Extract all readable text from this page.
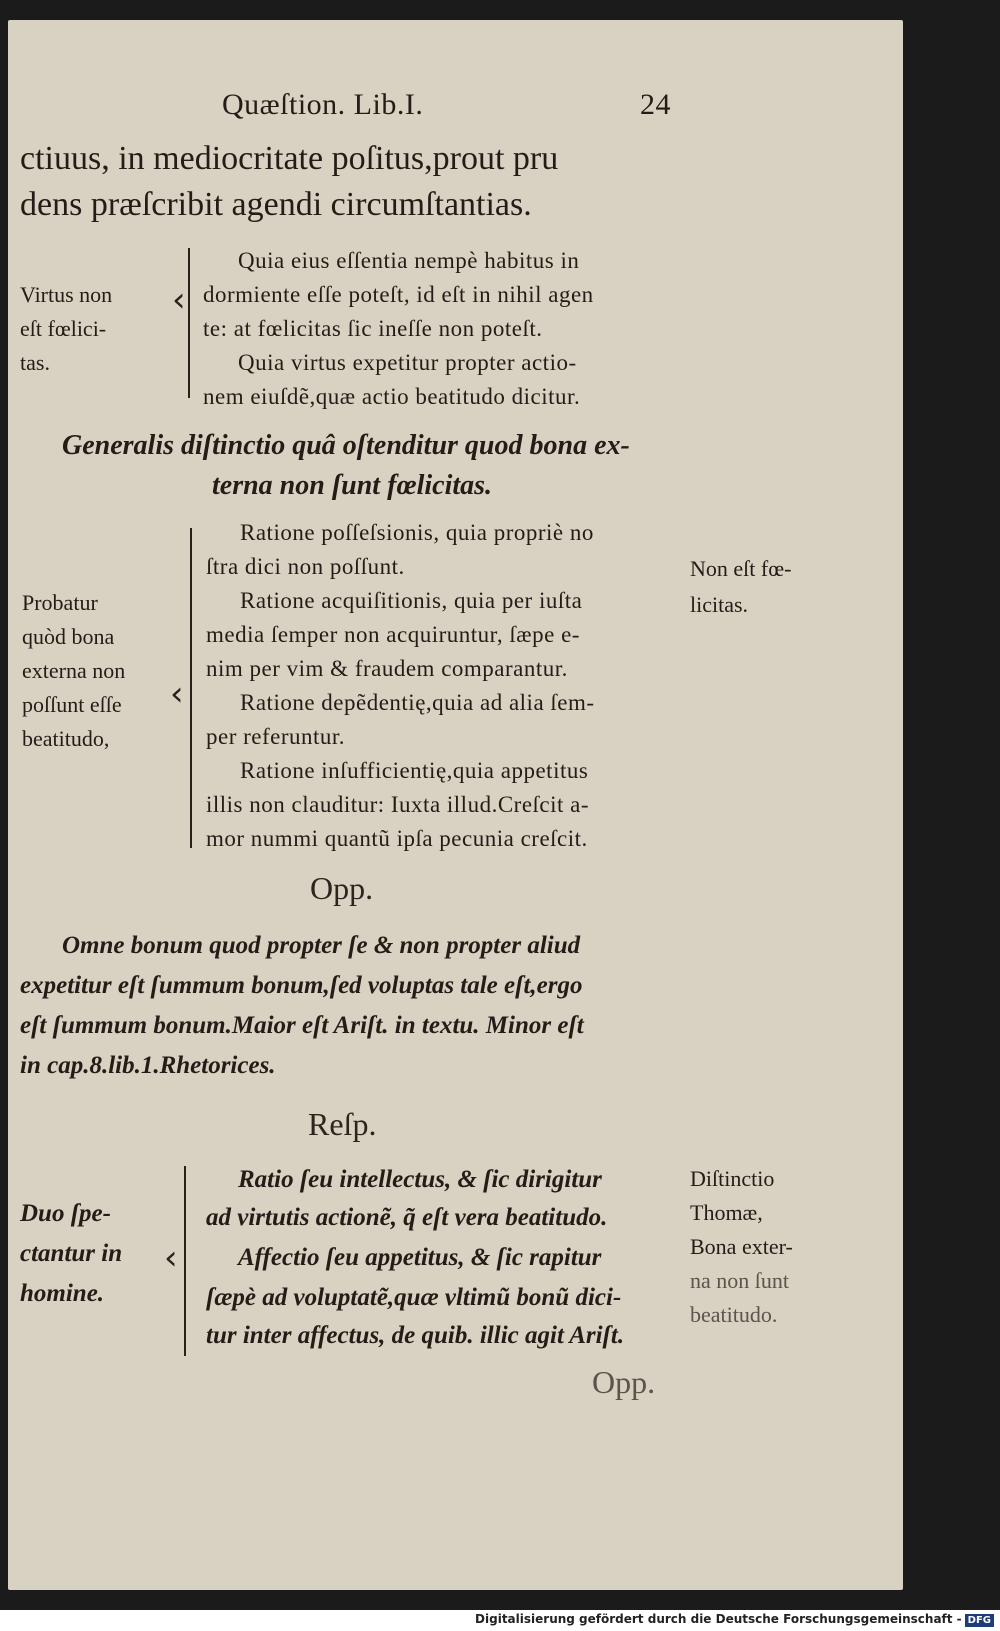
Quæſtion. Lib.I.	24
ctiuus, in mediocritate poſitus,prout pru
dens præſcribit agendi circumſtantias.
Virtus non
eſt fœlici-
tas.
‹
Quia eius eſſentia nempè habitus in
dormiente eſſe poteſt, id eſt in nihil agen
te: at fœlicitas ſic ineſſe non poteſt.
Quia virtus expetitur propter actio-
nem eiuſdẽ,quæ actio beatitudo dicitur.
Generalis diſtinctio quâ oſtenditur quod bona ex-
terna non ſunt fœlicitas.
Probatur
quòd bona
externa non
poſſunt eſſe
beatitudo,
‹
Ratione poſſeſsionis, quia propriè no
ſtra dici non poſſunt.
Ratione acquiſitionis, quia per iuſta
media ſemper non acquiruntur, ſæpe e-
nim per vim & fraudem comparantur.
Ratione depẽdentię,quia ad alia ſem-
per referuntur.
Ratione inſufficientię,quia appetitus
illis non clauditur: Iuxta illud.Creſcit a-
mor nummi quantũ ipſa pecunia creſcit.
Non eſt fœ-
licitas.
Opp.
Omne bonum quod propter ſe & non propter aliud
expetitur eſt ſummum bonum,ſed voluptas tale eſt,ergo
eſt ſummum bonum.Maior eſt Ariſt. in textu. Minor eſt
in cap.8.lib.1.Rhetorices.
Reſp.
Duo ſpe-
ctantur in
homine.
‹
Ratio ſeu intellectus, & ſic dirigitur
ad virtutis actionẽ, q̃ eſt vera beatitudo.
Affectio ſeu appetitus, & ſic rapitur
ſæpè ad voluptatẽ,quæ vltimũ bonũ dici-
tur inter affectus, de quib. illic agit Ariſt.
Diſtinctio
Thomæ,
Bona exter-
na non ſunt
beatitudo.
Opp.
Digitalisierung gefördert durch die Deutsche Forschungsgemeinschaft - DFG
